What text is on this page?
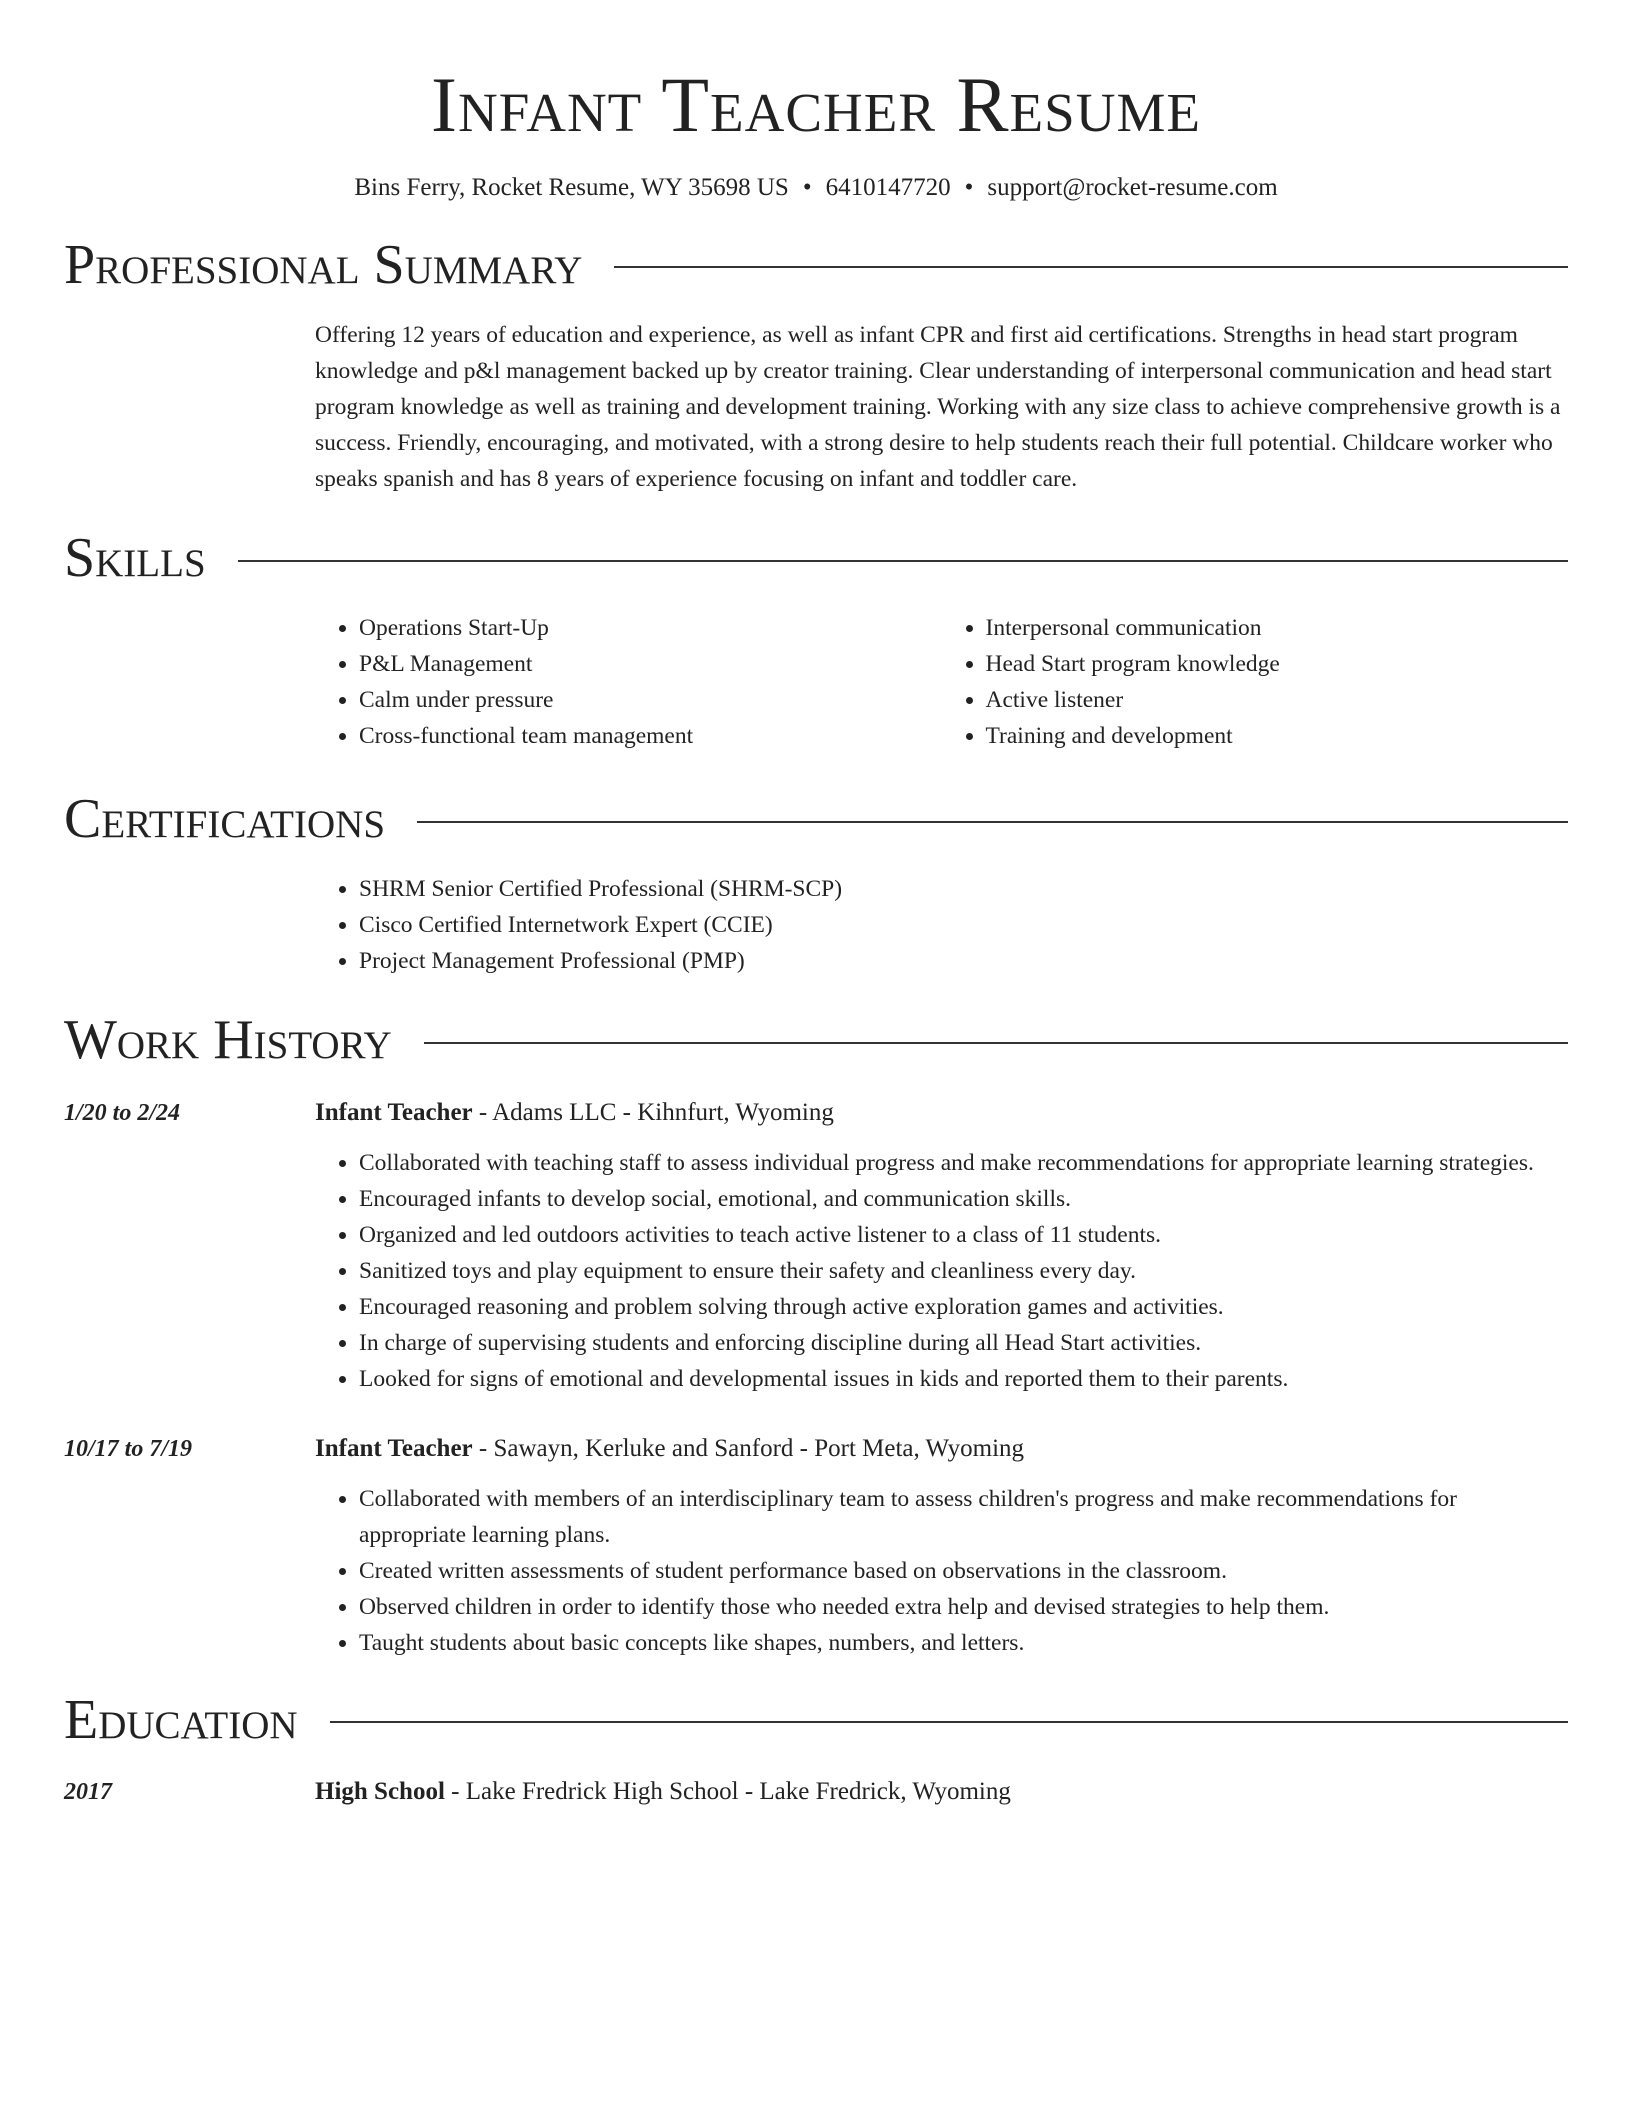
Infant Teacher Resume
Bins Ferry, Rocket Resume, WY 35698 US • 6410147720 • support@rocket-resume.com
Professional Summary
Offering 12 years of education and experience, as well as infant CPR and first aid certifications. Strengths in head start program knowledge and p&l management backed up by creator training. Clear understanding of interpersonal communication and head start program knowledge as well as training and development training. Working with any size class to achieve comprehensive growth is a success. Friendly, encouraging, and motivated, with a strong desire to help students reach their full potential. Childcare worker who speaks spanish and has 8 years of experience focusing on infant and toddler care.
Skills
• Operations Start-Up
• P&L Management
• Calm under pressure
• Cross-functional team management
• Interpersonal communication
• Head Start program knowledge
• Active listener
• Training and development
Certifications
• SHRM Senior Certified Professional (SHRM-SCP)
• Cisco Certified Internetwork Expert (CCIE)
• Project Management Professional (PMP)
Work History
1/20 to 2/24	Infant Teacher - Adams LLC - Kihnfurt, Wyoming
• Collaborated with teaching staff to assess individual progress and make recommendations for appropriate learning strategies.
• Encouraged infants to develop social, emotional, and communication skills.
• Organized and led outdoors activities to teach active listener to a class of 11 students.
• Sanitized toys and play equipment to ensure their safety and cleanliness every day.
• Encouraged reasoning and problem solving through active exploration games and activities.
• In charge of supervising students and enforcing discipline during all Head Start activities.
• Looked for signs of emotional and developmental issues in kids and reported them to their parents.
10/17 to 7/19	Infant Teacher - Sawayn, Kerluke and Sanford - Port Meta, Wyoming
• Collaborated with members of an interdisciplinary team to assess children's progress and make recommendations for appropriate learning plans.
• Created written assessments of student performance based on observations in the classroom.
• Observed children in order to identify those who needed extra help and devised strategies to help them.
• Taught students about basic concepts like shapes, numbers, and letters.
Education
2017	High School - Lake Fredrick High School - Lake Fredrick, Wyoming
